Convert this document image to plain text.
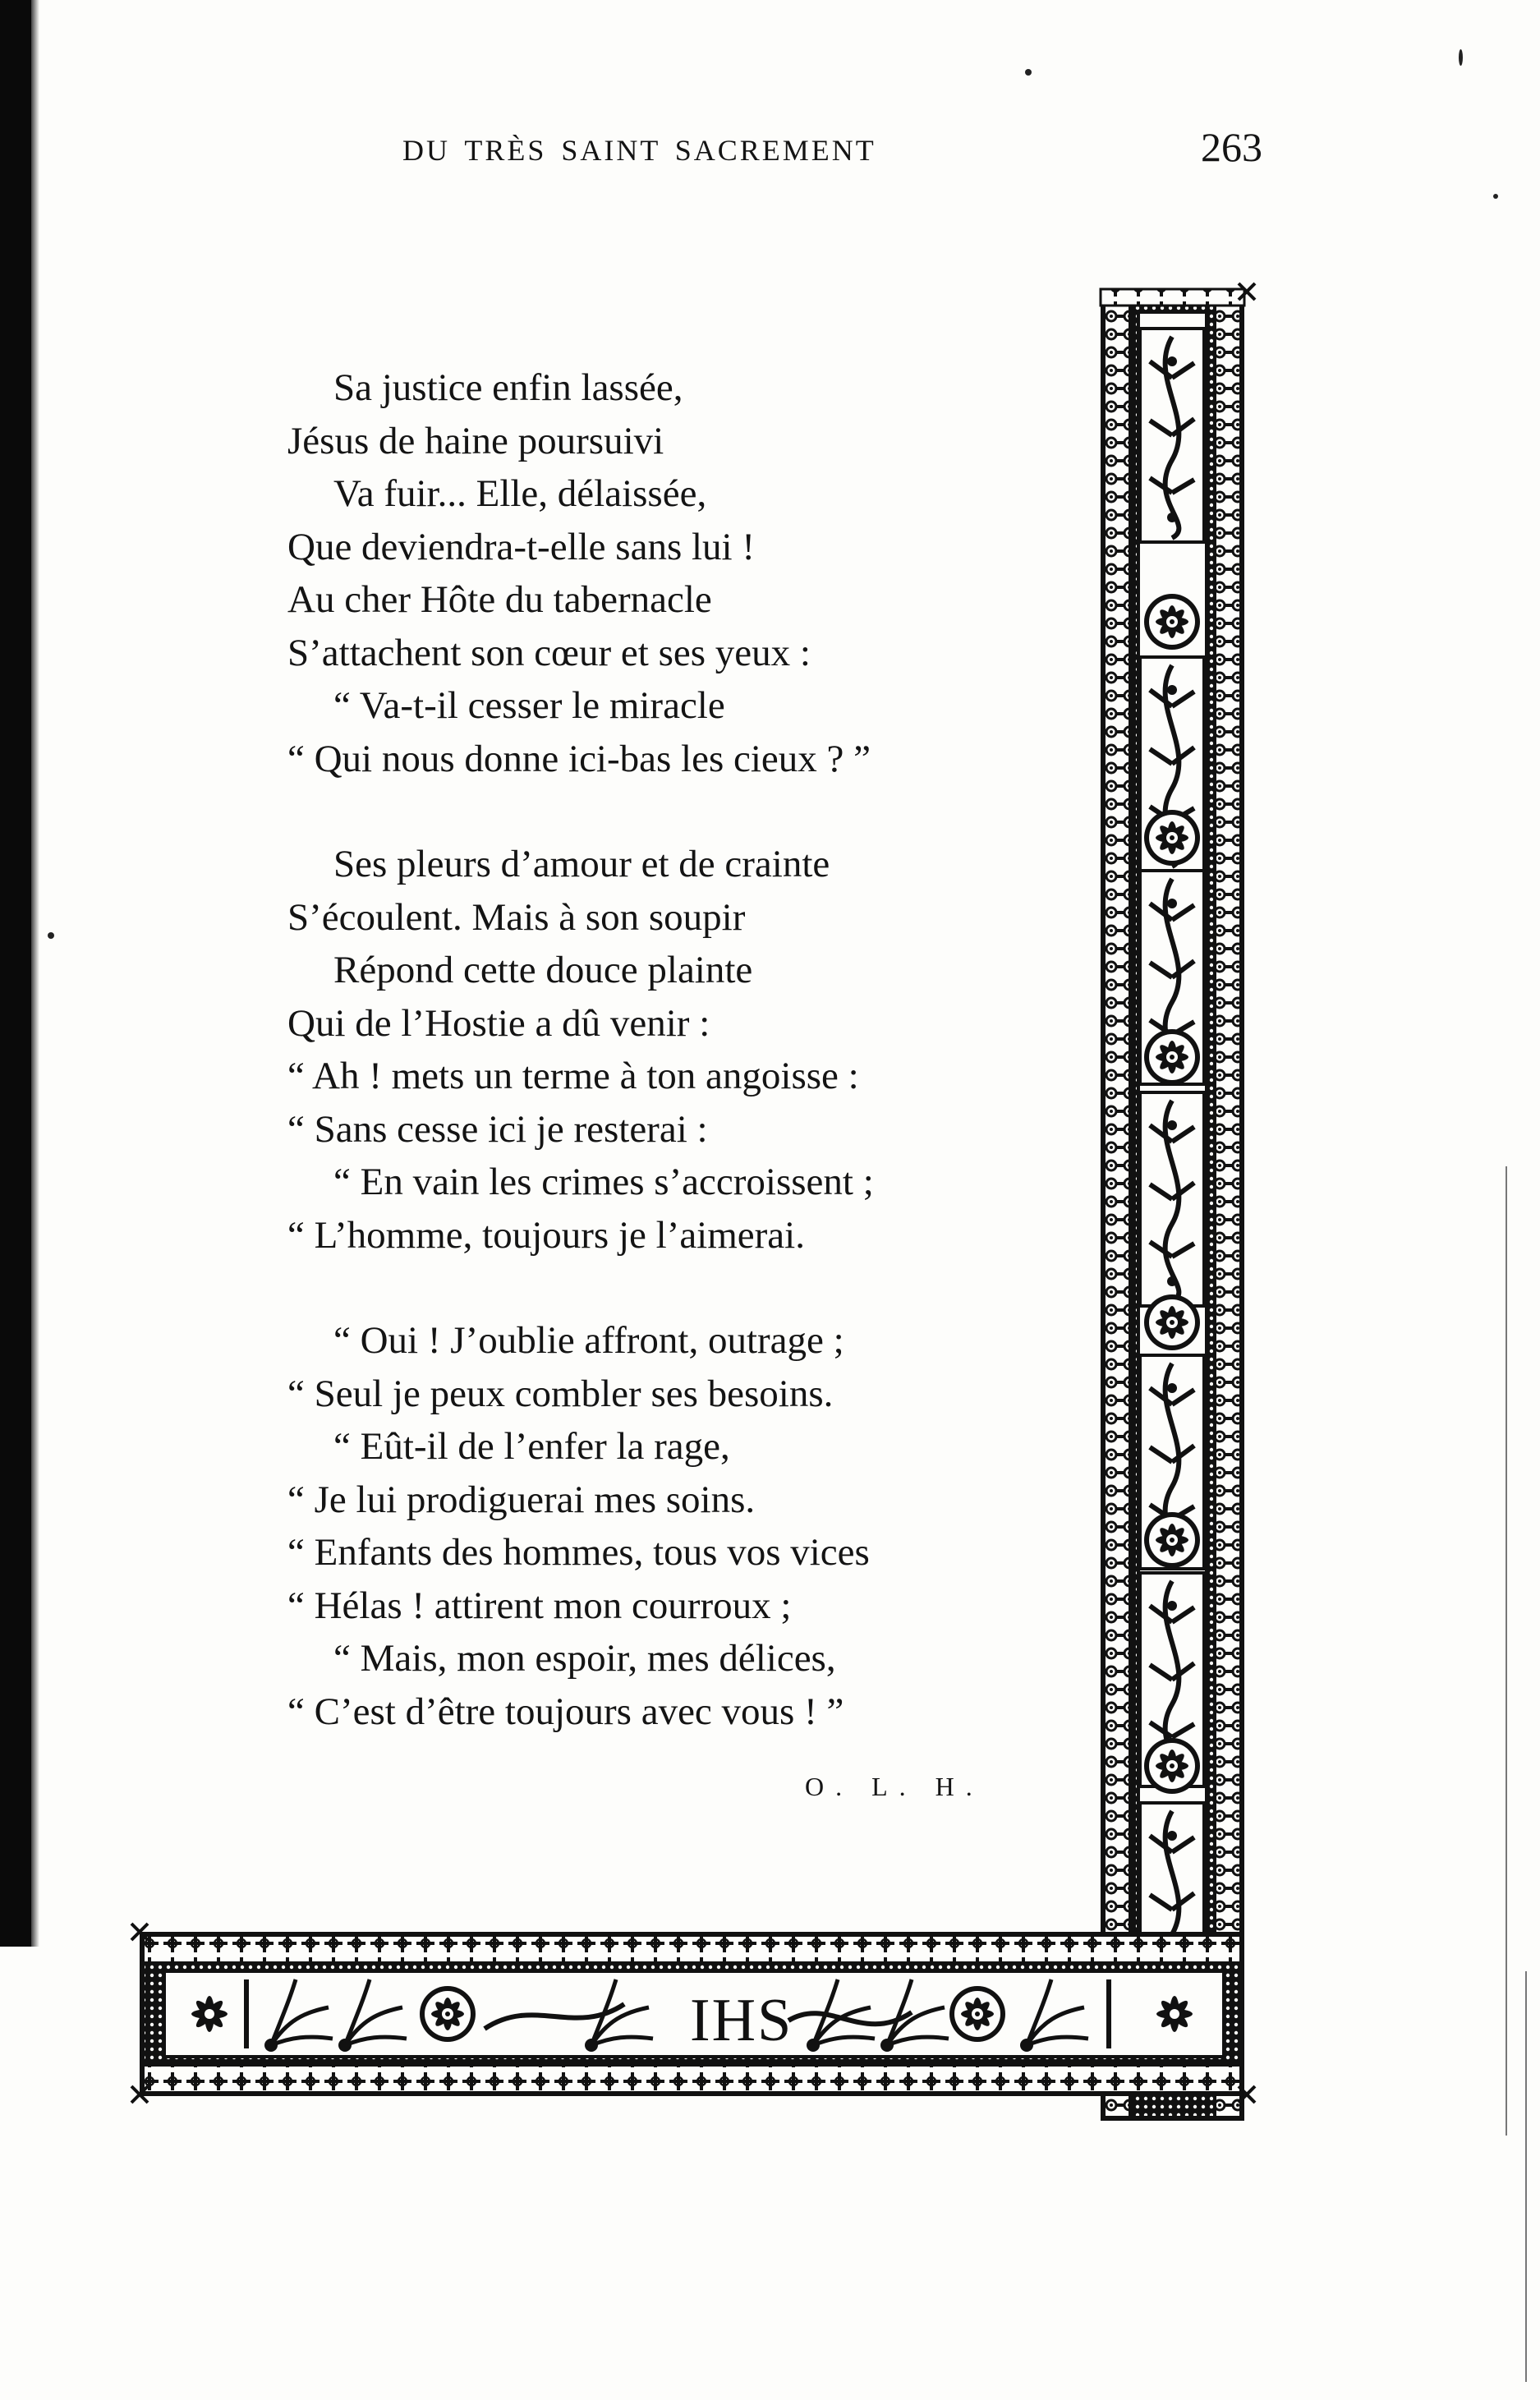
DU TRÈS SAINT SACREMENT	263
Sa justice enfin lassée,
Jésus de haine poursuivi
Va fuir... Elle, délaissée,
Que deviendra-t-elle sans lui !
Au cher Hôte du tabernacle
S’attachent son cœur et ses yeux :
“ Va-t-il cesser le miracle
“ Qui nous donne ici-bas les cieux ? ”
Ses pleurs d’amour et de crainte
S’écoulent. Mais à son soupir
Répond cette douce plainte
Qui de l’Hostie a dû venir :
“ Ah ! mets un terme à ton angoisse :
“ Sans cesse ici je resterai :
“ En vain les crimes s’accroissent ;
“ L’homme, toujours je l’aimerai.
“ Oui ! J’oublie affront, outrage ;
“ Seul je peux combler ses besoins.
“ Eût-il de l’enfer la rage,
“ Je lui prodiguerai mes soins.
“ Enfants des hommes, tous vos vices
“ Hélas ! attirent mon courroux ;
“ Mais, mon espoir, mes délices,
“ C’est d’être toujours avec vous ! ”
O. L. H.
IHS
